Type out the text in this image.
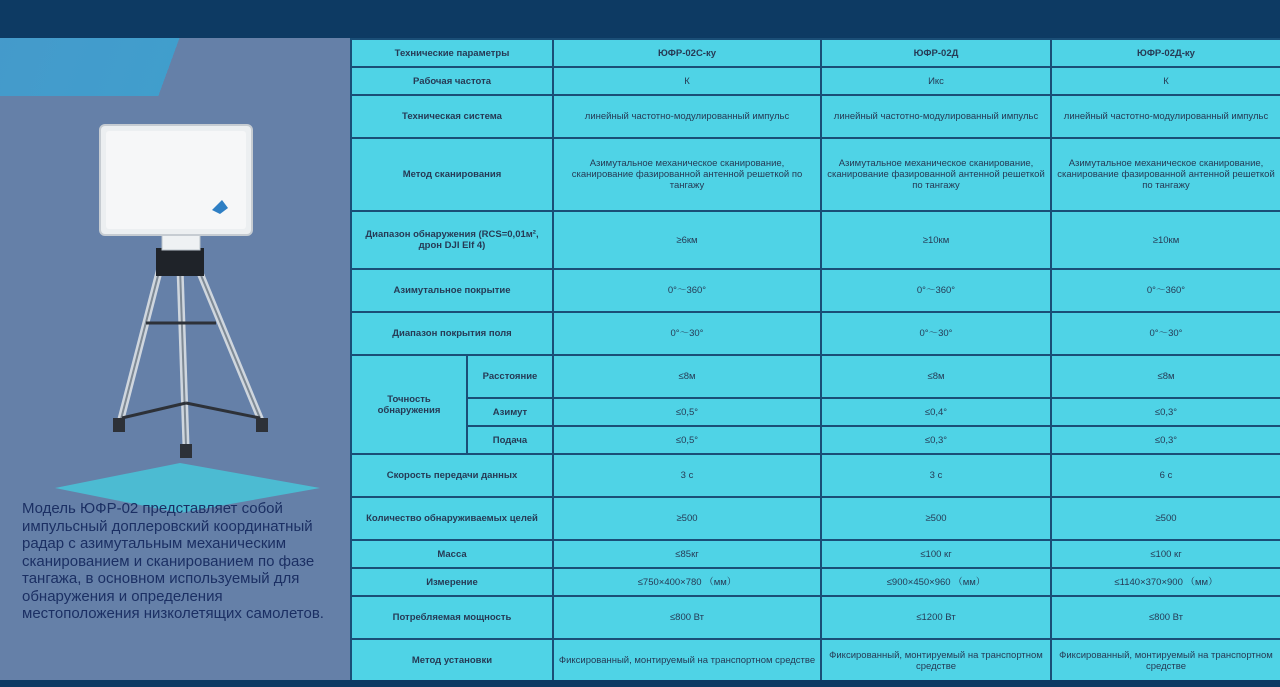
Модель ЮФР-02 представляет собой импульсный доплеровский координатный радар с азимутальным механическим сканированием и сканированием по фазе тангажа, в основном используемый для обнаружения и определения местоположения низколетящих самолетов.
Технические параметры		ЮФР-02С-ку	ЮФР-02Д	ЮФР-02Д-ку
Рабочая частота		К	Икс	К
Техническая система		линейный частотно-модулированный импульс	линейный частотно-модулированный импульс	линейный частотно-модулированный импульс
Метод сканирования		Азимутальное механическое сканирование, сканирование фазированной антенной решеткой по тангажу	Азимутальное механическое сканирование, сканирование фазированной антенной решеткой по тангажу	Азимутальное механическое сканирование, сканирование фазированной антенной решеткой по тангажу
Диапазон обнаружения (RCS=0,01м², дрон DJI Elf 4)		≥6км	≥10км	≥10км
Азимутальное покрытие		0°～360°	0°～360°	0°～360°
Диапазон покрытия поля		0°～30°	0°～30°	0°～30°
Точность обнаружения	Расстояние	≤8м	≤8м	≤8м
	Азимут	≤0,5°	≤0,4°	≤0,3°
	Подача	≤0,5°	≤0,3°	≤0,3°
Скорость передачи данных		3 с	3 с	6 с
Количество обнаруживаемых целей		≥500	≥500	≥500
Масса		≤85кг	≤100 кг	≤100 кг
Измерение		≤750×400×780 （мм）	≤900×450×960 （мм）	≤1140×370×900 （мм）
Потребляемая мощность		≤800 Вт	≤1200 Вт	≤800 Вт
Метод установки		Фиксированный, монтируемый на транспортном средстве	Фиксированный, монтируемый на транспортном средстве	Фиксированный, монтируемый на транспортном средстве
